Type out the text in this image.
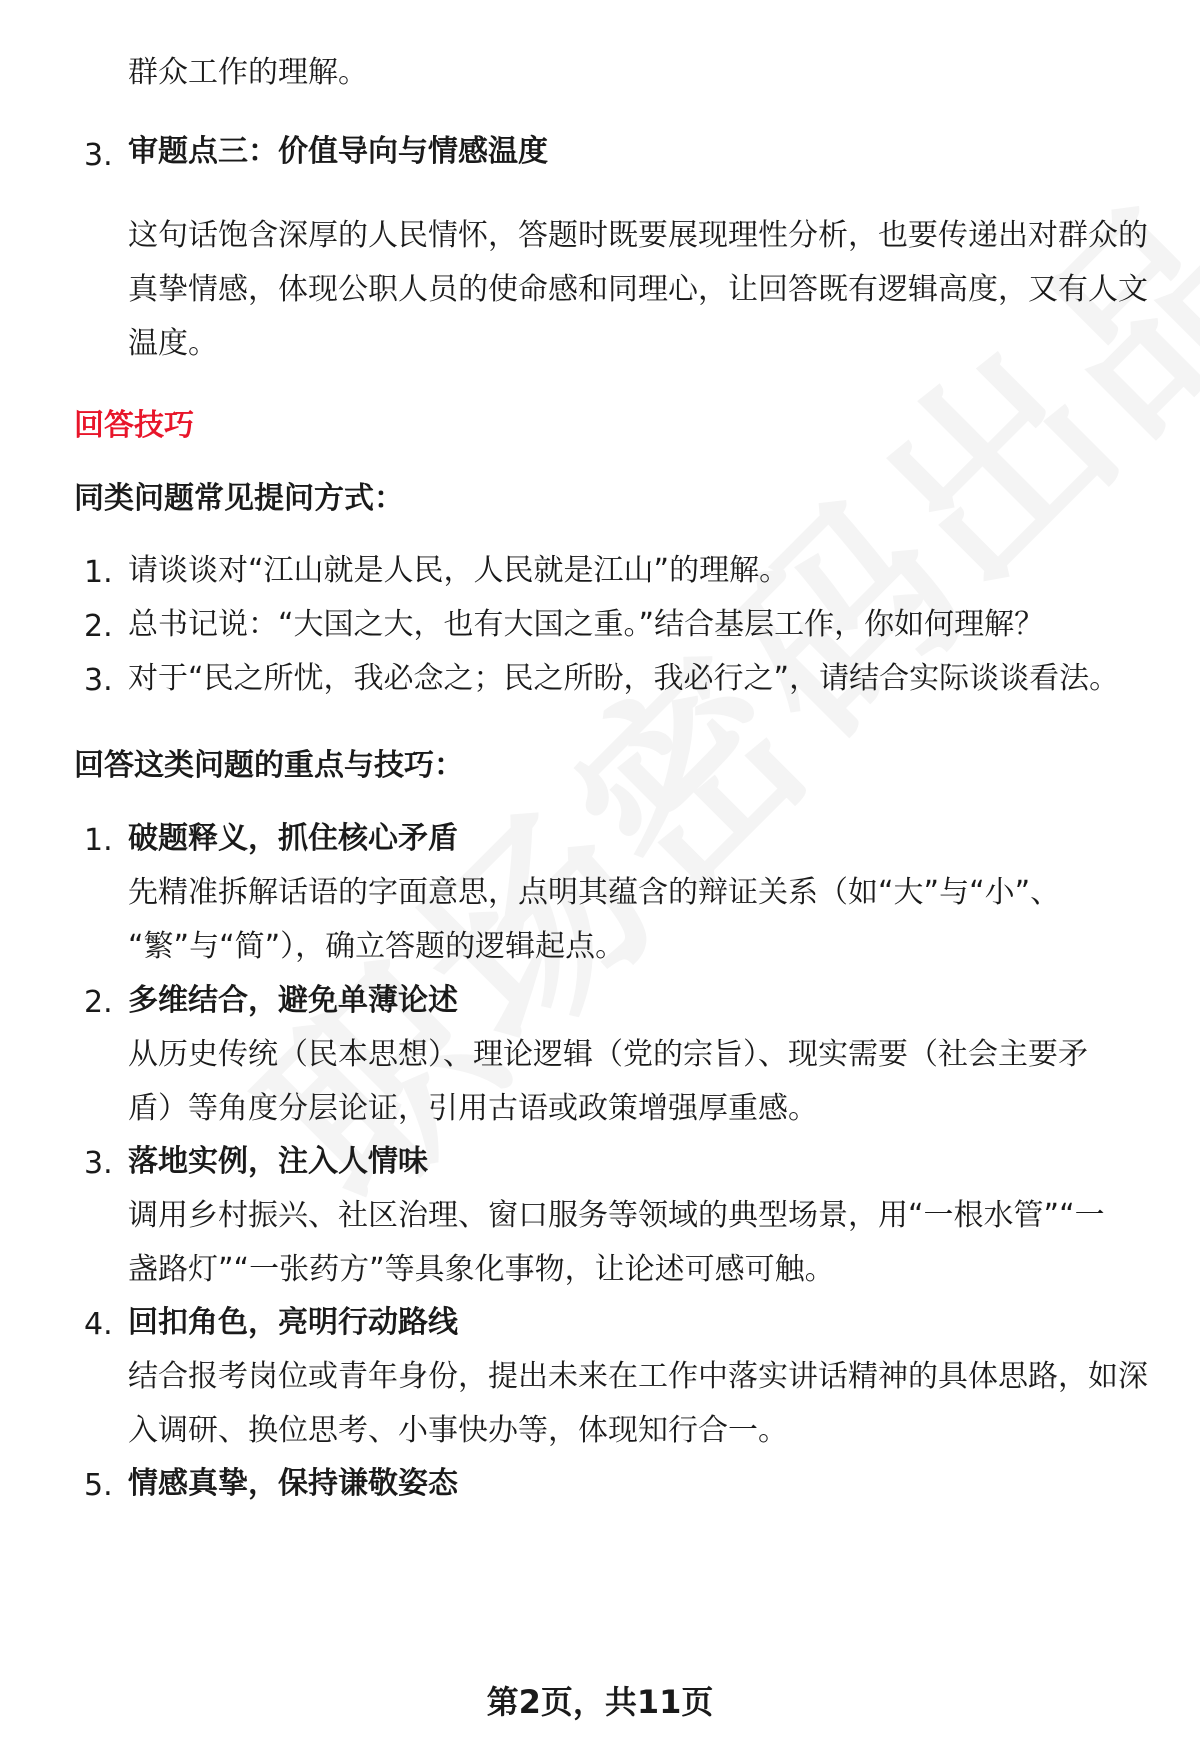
群众工作的理解。
3. 审题点三：价值导向与情感温度
这句话饱含深厚的人民情怀，答题时既要展现理性分析，也要传递出对群众的
真挚情感，体现公职人员的使命感和同理心，让回答既有逻辑高度，又有人文
温度。
回答技巧
同类问题常见提问方式：
1. 请谈谈对“江山就是人民，人民就是江山”的理解。
2. 总书记说：“大国之大，也有大国之重。”结合基层工作，你如何理解？
3. 对于“民之所忧，我必念之；民之所盼，我必行之”，请结合实际谈谈看法。
回答这类问题的重点与技巧：
1. 破题释义，抓住核心矛盾
先精准拆解话语的字面意思，点明其蕴含的辩证关系（如“大”与“小”、
“繁”与“简”），确立答题的逻辑起点。
2. 多维结合，避免单薄论述
从历史传统（民本思想）、理论逻辑（党的宗旨）、现实需要（社会主要矛
盾）等角度分层论证，引用古语或政策增强厚重感。
3. 落地实例，注入人情味
调用乡村振兴、社区治理、窗口服务等领域的典型场景，用“一根水管”“一
盏路灯”“一张药方”等具象化事物，让论述可感可触。
4. 回扣角色，亮明行动路线
结合报考岗位或青年身份，提出未来在工作中落实讲话精神的具体思路，如深
入调研、换位思考、小事快办等，体现知行合一。
5. 情感真挚，保持谦敬姿态
第2页，共11页
